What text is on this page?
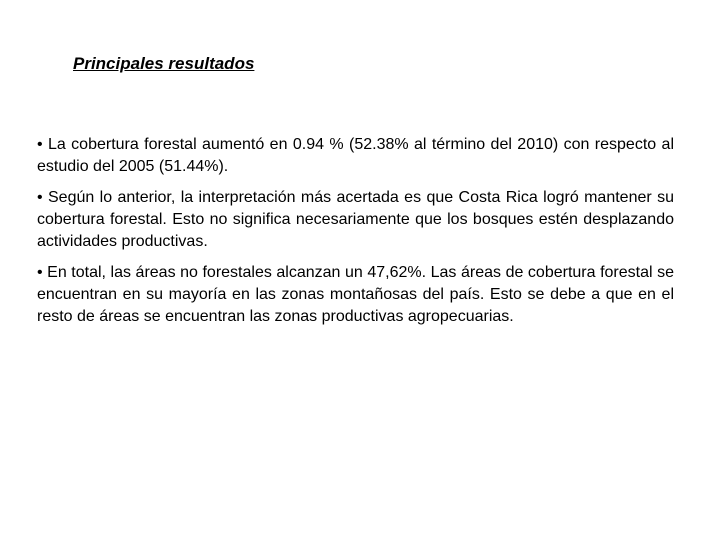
Principales resultados
• La cobertura forestal aumentó en 0.94 % (52.38% al término del 2010) con respecto al estudio del 2005 (51.44%).
• Según lo anterior, la interpretación más acertada es que Costa Rica logró mantener su cobertura forestal. Esto no significa necesariamente que los bosques estén desplazando actividades productivas.
• En total, las áreas no forestales alcanzan un 47,62%. Las áreas de cobertura forestal se encuentran en su mayoría en las zonas montañosas del país. Esto se debe a que en el resto de áreas se encuentran las zonas productivas agropecuarias.
